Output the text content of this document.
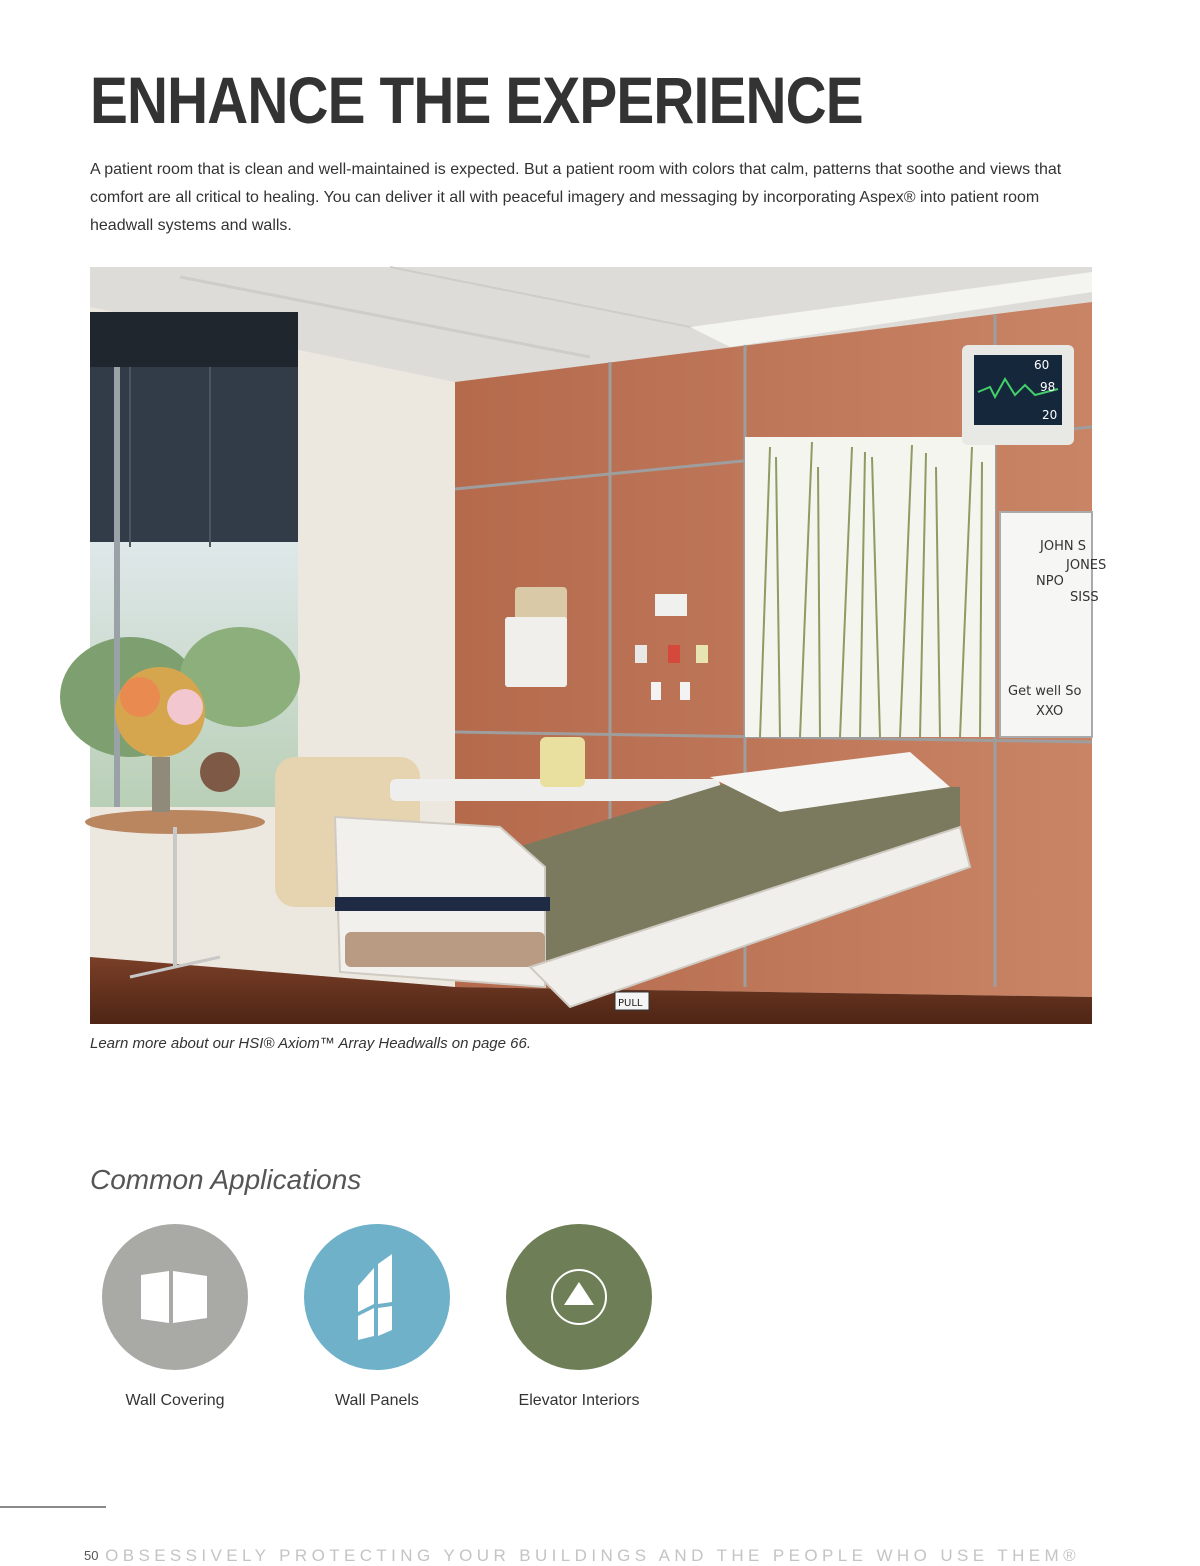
ENHANCE THE EXPERIENCE

A patient room that is clean and well-maintained is expected. But a patient room with colors that calm, patterns that soothe and views that comfort are all critical to healing. You can deliver it all with peaceful imagery and messaging by incorporating Aspex® into patient room headwall systems and walls.

JOHN S
JONES
NPO
SISS
Get well So
XXO
60
98
20
PULL

Learn more about our HSI® Axiom™ Array Headwalls on page 66.

Common Applications
Wall Covering	Wall Panels	Elevator Interiors
50 OBSESSIVELY PROTECTING YOUR BUILDINGS AND THE PEOPLE WHO USE THEM®
